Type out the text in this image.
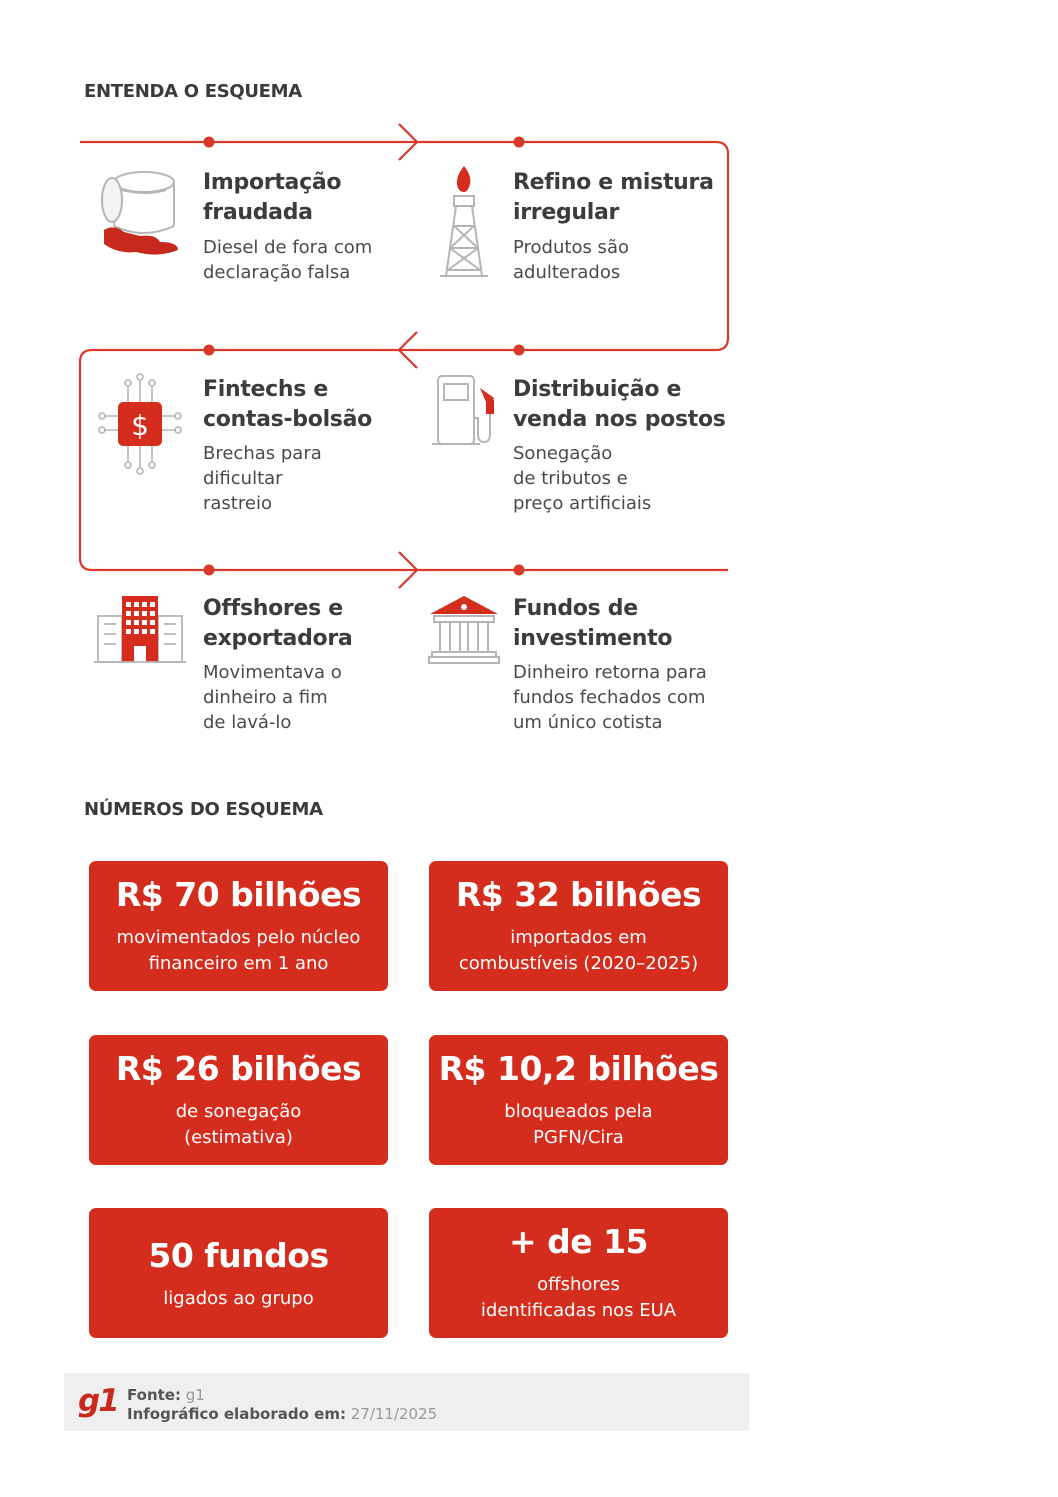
ENTENDA O ESQUEMA
Importação
fraudada
Diesel de fora com
declaração falsa
Refino e mistura
irregular
Produtos são
adulterados
$
Fintechs e
contas-bolsão
Brechas para
dificultar
rastreio
Distribuição e
venda nos postos
Sonegação
de tributos e
preço artificiais
Offshores e
exportadora
Movimentava o
dinheiro a fim
de lavá-lo
Fundos de
investimento
Dinheiro retorna para
fundos fechados com
um único cotista
NÚMEROS DO ESQUEMA
R$ 70 bilhões
movimentados pelo núcleo
financeiro em 1 ano
R$ 32 bilhões
importados em
combustíveis (2020–2025)
R$ 26 bilhões
de sonegação
(estimativa)
R$ 10,2 bilhões
bloqueados pela
PGFN/Cira
50 fundos
ligados ao grupo
+ de 15
offshores
identificadas nos EUA
g1 Fonte: g1
Infográfico elaborado em: 27/11/2025
